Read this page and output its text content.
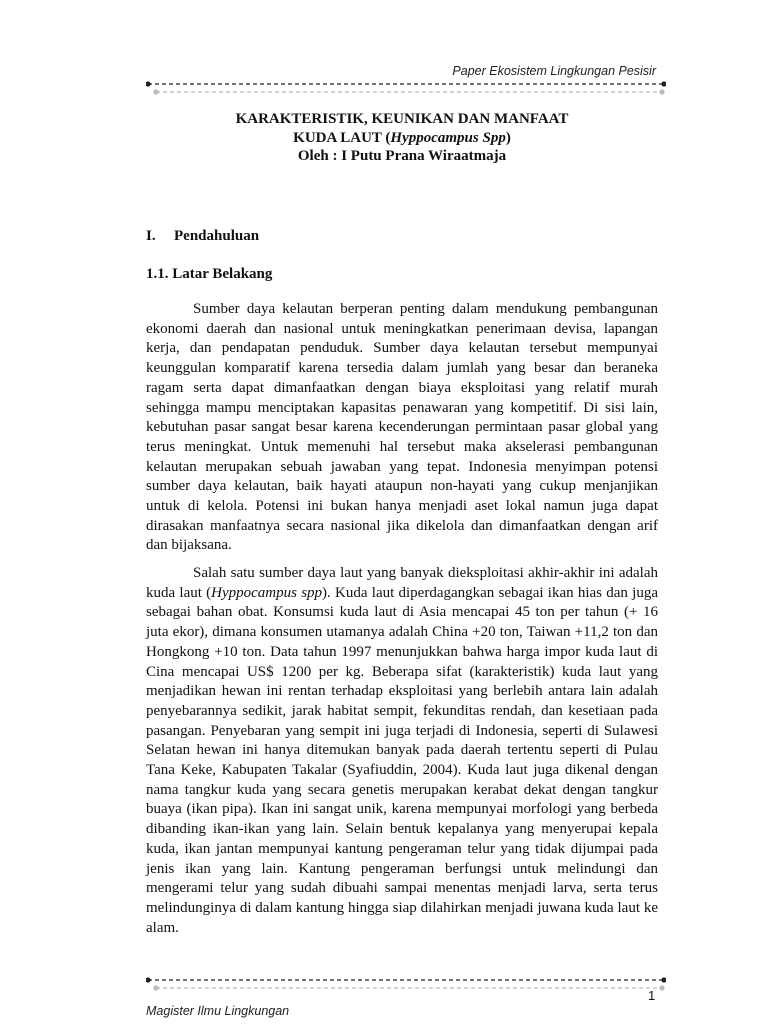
Paper Ekosistem Lingkungan Pesisir
KARAKTERISTIK, KEUNIKAN DAN MANFAAT
KUDA LAUT (Hyppocampus Spp)
Oleh : I Putu Prana Wiraatmaja
I. Pendahuluan
1.1. Latar Belakang

Sumber daya kelautan berperan penting dalam mendukung pembangunan ekonomi daerah dan nasional untuk meningkatkan penerimaan devisa, lapangan kerja, dan pendapatan penduduk. Sumber daya kelautan tersebut mempunyai keunggulan komparatif karena tersedia dalam jumlah yang besar dan beraneka ragam serta dapat dimanfaatkan dengan biaya eksploitasi yang relatif murah sehingga mampu menciptakan kapasitas penawaran yang kompetitif. Di sisi lain, kebutuhan pasar sangat besar karena kecenderungan permintaan pasar global yang terus meningkat. Untuk memenuhi hal tersebut maka akselerasi pembangunan kelautan merupakan sebuah jawaban yang tepat. Indonesia menyimpan potensi sumber daya kelautan, baik hayati ataupun non-hayati yang cukup menjanjikan untuk di kelola. Potensi ini bukan hanya menjadi aset lokal namun juga dapat dirasakan manfaatnya secara nasional jika dikelola dan dimanfaatkan dengan arif dan bijaksana.

Salah satu sumber daya laut yang banyak dieksploitasi akhir-akhir ini adalah kuda laut (Hyppocampus spp). Kuda laut diperdagangkan sebagai ikan hias dan juga sebagai bahan obat. Konsumsi kuda laut di Asia mencapai 45 ton per tahun (+ 16 juta ekor), dimana konsumen utamanya adalah China +20 ton, Taiwan +11,2 ton dan Hongkong +10 ton. Data tahun 1997 menunjukkan bahwa harga impor kuda laut di Cina mencapai US$ 1200 per kg. Beberapa sifat (karakteristik) kuda laut yang menjadikan hewan ini rentan terhadap eksploitasi yang berlebih antara lain adalah penyebarannya sedikit, jarak habitat sempit, fekunditas rendah, dan kesetiaan pada pasangan. Penyebaran yang sempit ini juga terjadi di Indonesia, seperti di Sulawesi Selatan hewan ini hanya ditemukan banyak pada daerah tertentu seperti di Pulau Tana Keke, Kabupaten Takalar (Syafiuddin, 2004). Kuda laut juga dikenal dengan nama tangkur kuda yang secara genetis merupakan kerabat dekat dengan tangkur buaya (ikan pipa). Ikan ini sangat unik, karena mempunyai morfologi yang berbeda dibanding ikan-ikan yang lain. Selain bentuk kepalanya yang menyerupai kepala kuda, ikan jantan mempunyai kantung pengeraman telur yang tidak dijumpai pada jenis ikan yang lain. Kantung pengeraman berfungsi untuk melindungi dan mengerami telur yang sudah dibuahi sampai menentas menjadi larva, serta terus melindunginya di dalam kantung hingga siap dilahirkan menjadi juwana kuda laut ke alam.

1
Magister Ilmu Lingkungan
